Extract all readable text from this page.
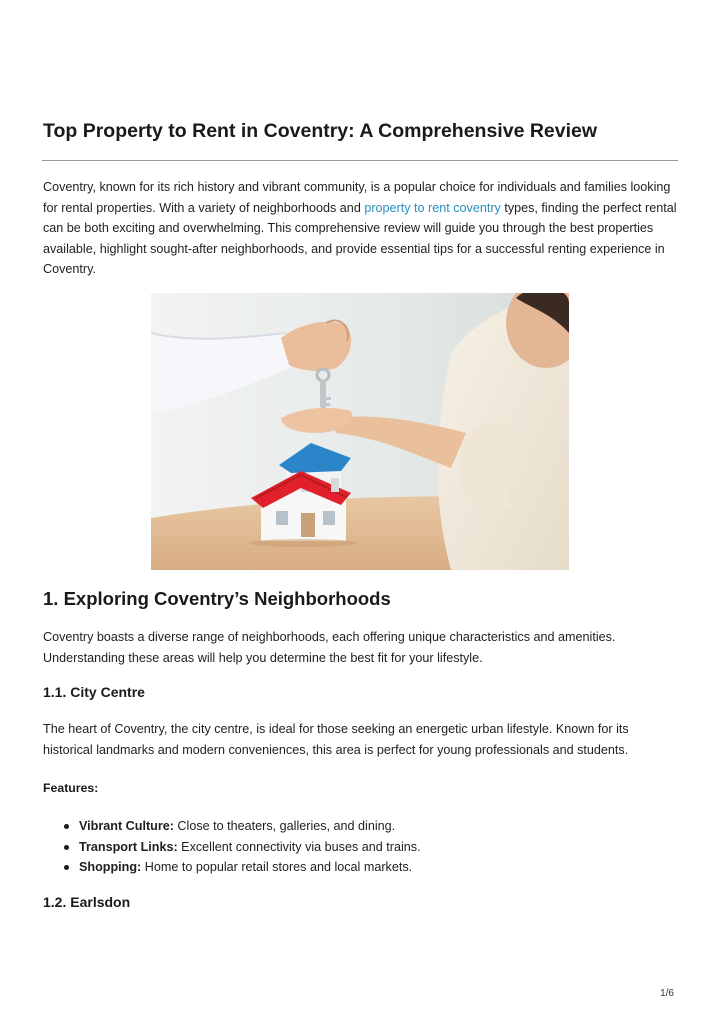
Top Property to Rent in Coventry: A Comprehensive Review

Coventry, known for its rich history and vibrant community, is a popular choice for individuals and families looking for rental properties. With a variety of neighborhoods and property to rent coventry types, finding the perfect rental can be both exciting and overwhelming. This comprehensive review will guide you through the best properties available, highlight sought-after neighborhoods, and provide essential tips for a successful renting experience in Coventry.

1. Exploring Coventry’s Neighborhoods

Coventry boasts a diverse range of neighborhoods, each offering unique characteristics and amenities. Understanding these areas will help you determine the best fit for your lifestyle.

1.1. City Centre

The heart of Coventry, the city centre, is ideal for those seeking an energetic urban lifestyle. Known for its historical landmarks and modern conveniences, this area is perfect for young professionals and students.

Features:

Vibrant Culture: Close to theaters, galleries, and dining.
Transport Links: Excellent connectivity via buses and trains.
Shopping: Home to popular retail stores and local markets.
1.2. Earlsdon
1/6
